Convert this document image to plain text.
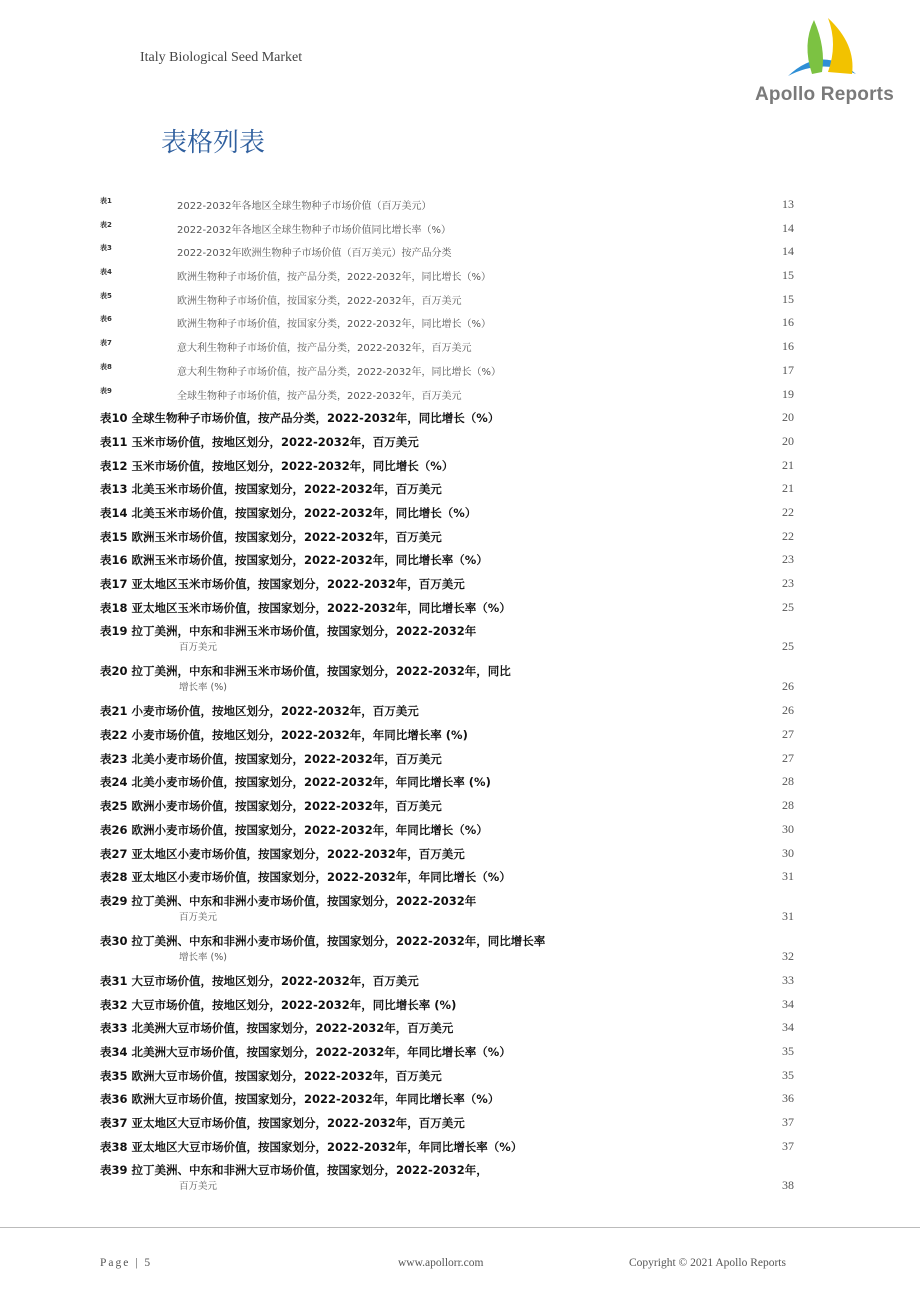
Italy Biological Seed Market
Apollo Reports
表格列表
表1	2022-2032年各地区全球生物种子市场价值（百万美元）	13
表2	2022-2032年各地区全球生物种子市场价值同比增长率（%）	14
表3	2022-2032年欧洲生物种子市场价值（百万美元）按产品分类	14
表4	欧洲生物种子市场价值，按产品分类，2022-2032年，同比增长（%）	15
表5	欧洲生物种子市场价值，按国家分类，2022-2032年，百万美元	15
表6	欧洲生物种子市场价值，按国家分类，2022-2032年，同比增长（%）	16
表7	意大利生物种子市场价值，按产品分类，2022-2032年，百万美元	16
表8	意大利生物种子市场价值，按产品分类，2022-2032年，同比增长（%）	17
表9	全球生物种子市场价值，按产品分类，2022-2032年，百万美元	19
表10 全球生物种子市场价值，按产品分类，2022-2032年，同比增长（%）	20
表11 玉米市场价值，按地区划分，2022-2032年，百万美元	20
表12 玉米市场价值，按地区划分，2022-2032年，同比增长（%）	21
表13 北美玉米市场价值，按国家划分，2022-2032年，百万美元	21
表14 北美玉米市场价值，按国家划分，2022-2032年，同比增长（%）	22
表15 欧洲玉米市场价值，按国家划分，2022-2032年，百万美元	22
表16 欧洲玉米市场价值，按国家划分，2022-2032年，同比增长率（%）	23
表17 亚太地区玉米市场价值，按国家划分，2022-2032年，百万美元	23
表18 亚太地区玉米市场价值，按国家划分，2022-2032年，同比增长率（%）	25
表19 拉丁美洲，中东和非洲玉米市场价值，按国家划分，2022-2032年
百万美元	25
表20 拉丁美洲，中东和非洲玉米市场价值，按国家划分，2022-2032年，同比
增长率 (%)	26
表21 小麦市场价值，按地区划分，2022-2032年，百万美元	26
表22 小麦市场价值，按地区划分，2022-2032年，年同比增长率 (%)	27
表23 北美小麦市场价值，按国家划分，2022-2032年，百万美元	27
表24 北美小麦市场价值，按国家划分，2022-2032年，年同比增长率 (%)	28
表25 欧洲小麦市场价值，按国家划分，2022-2032年，百万美元	28
表26 欧洲小麦市场价值，按国家划分，2022-2032年，年同比增长（%）	30
表27 亚太地区小麦市场价值，按国家划分，2022-2032年，百万美元	30
表28 亚太地区小麦市场价值，按国家划分，2022-2032年，年同比增长（%）	31
表29 拉丁美洲、中东和非洲小麦市场价值，按国家划分，2022-2032年
百万美元	31
表30 拉丁美洲、中东和非洲小麦市场价值，按国家划分，2022-2032年，同比增长率
增长率 (%)	32
表31 大豆市场价值，按地区划分，2022-2032年，百万美元	33
表32 大豆市场价值，按地区划分，2022-2032年，同比增长率 (%)	34
表33 北美洲大豆市场价值，按国家划分，2022-2032年，百万美元	34
表34 北美洲大豆市场价值，按国家划分，2022-2032年，年同比增长率（%）	35
表35 欧洲大豆市场价值，按国家划分，2022-2032年，百万美元	35
表36 欧洲大豆市场价值，按国家划分，2022-2032年，年同比增长率（%）	36
表37 亚太地区大豆市场价值，按国家划分，2022-2032年，百万美元	37
表38 亚太地区大豆市场价值，按国家划分，2022-2032年，年同比增长率（%）	37
表39 拉丁美洲、中东和非洲大豆市场价值，按国家划分，2022-2032年，
百万美元	38
Page | 5	www.apollorr.com	Copyright © 2021 Apollo Reports
